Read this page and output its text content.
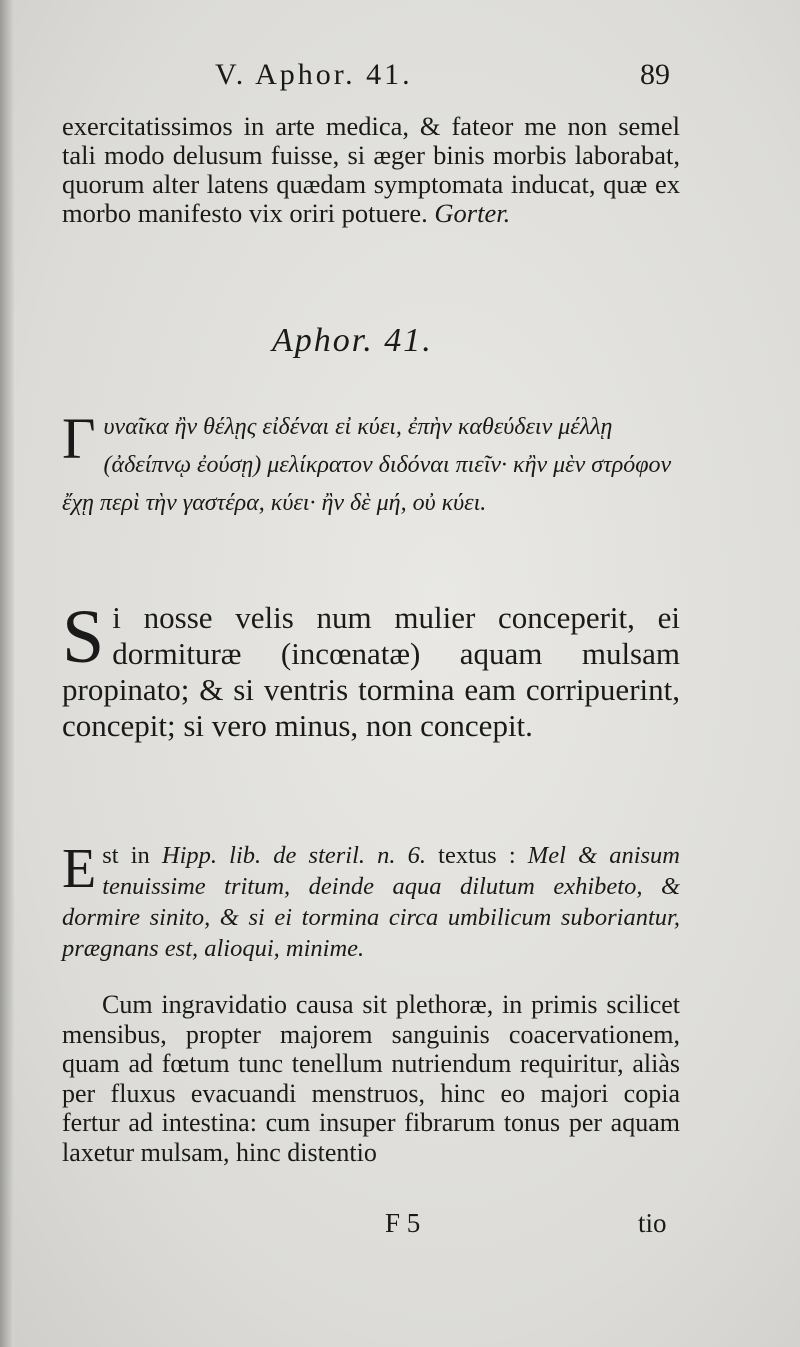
V. Aphor. 41.	89
exercitatissimos in arte medica, & fateor me non semel tali modo delusum fuisse, si æger binis morbis laborabat, quorum alter latens quædam symptomata inducat, quæ ex morbo manifesto vix oriri potuere. Gorter.
Aphor. 41.
Γ υναῖκα ἢν θέλῃς εἰδέναι εἰ κύει, ἐπὴν καθεύδειν μέλλῃ (ἀδείπνῳ ἐούσῃ) μελίκρατον διδόναι πιεῖν· κἢν μὲν στρόφον ἔχῃ περὶ τὴν γαστέρα, κύει· ἢν δὲ μή, οὐ κύει.
S i nosse velis num mulier conceperit, ei dormituræ (incœnatæ) aquam mulsam propinato; & si ventris tormina eam corripuerint, concepit; si vero minus, non concepit.
E st in Hipp. lib. de steril. n. 6. textus : Mel & anisum tenuissime tritum, deinde aqua dilutum exhibeto, & dormire sinito, & si ei tormina circa umbilicum suboriantur, prægnans est, alioqui, minime.
Cum ingravidatio causa sit plethoræ, in primis scilicet mensibus, propter majorem sanguinis coacervationem, quam ad fœtum tunc tenellum nutriendum requiritur, aliàs per fluxus evacuandi menstruos, hinc eo majori copia fertur ad intestina: cum insuper fibrarum tonus per aquam laxetur mulsam, hinc distentio
F 5	tio
